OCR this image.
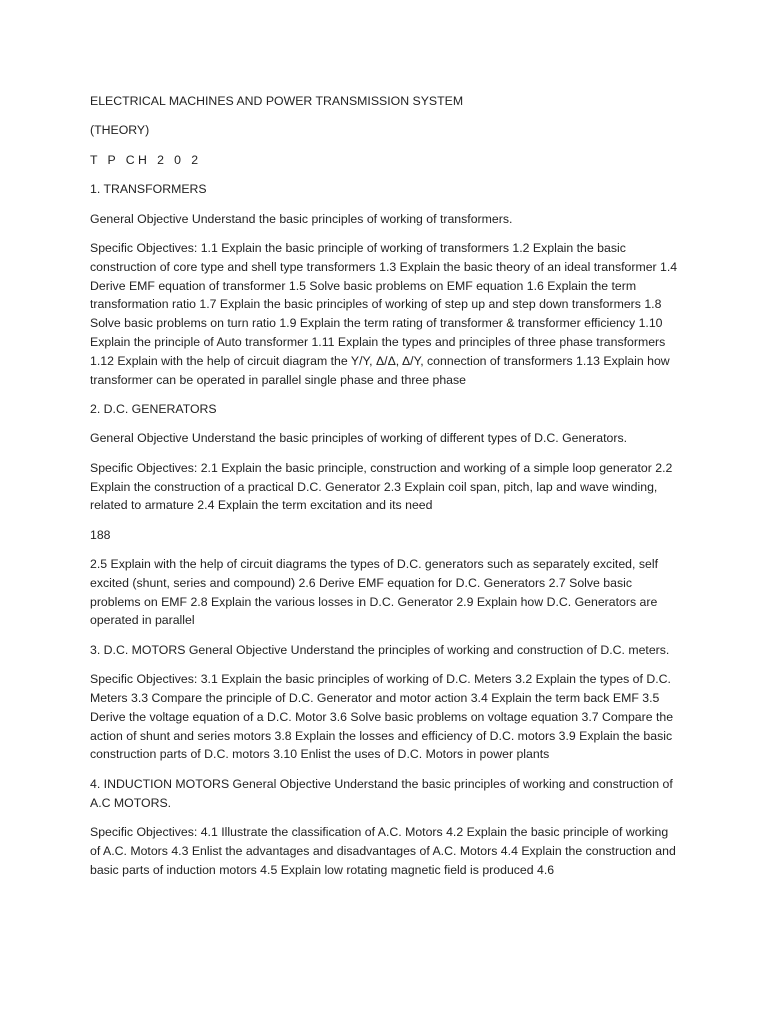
ELECTRICAL MACHINES AND POWER TRANSMISSION SYSTEM

(THEORY)

T P CH 2 0 2

1. TRANSFORMERS

General Objective Understand the basic principles of working of transformers.

Specific Objectives: 1.1 Explain the basic principle of working of transformers 1.2 Explain the basic construction of core type and shell type transformers 1.3 Explain the basic theory of an ideal transformer 1.4 Derive EMF equation of transformer 1.5 Solve basic problems on EMF equation 1.6 Explain the term transformation ratio 1.7 Explain the basic principles of working of step up and step down transformers 1.8 Solve basic problems on turn ratio 1.9 Explain the term rating of transformer & transformer efficiency 1.10 Explain the principle of Auto transformer 1.11 Explain the types and principles of three phase transformers 1.12 Explain with the help of circuit diagram the Y/Y, Δ/Δ, Δ/Y, connection of transformers 1.13 Explain how transformer can be operated in parallel single phase and three phase

2. D.C. GENERATORS

General Objective Understand the basic principles of working of different types of D.C. Generators.

Specific Objectives: 2.1 Explain the basic principle, construction and working of a simple loop generator 2.2 Explain the construction of a practical D.C. Generator 2.3 Explain coil span, pitch, lap and wave winding, related to armature 2.4 Explain the term excitation and its need

188

2.5 Explain with the help of circuit diagrams the types of D.C. generators such as separately excited, self excited (shunt, series and compound) 2.6 Derive EMF equation for D.C. Generators 2.7 Solve basic problems on EMF 2.8 Explain the various losses in D.C. Generator 2.9 Explain how D.C. Generators are operated in parallel

3. D.C. MOTORS General Objective Understand the principles of working and construction of D.C. meters.

Specific Objectives: 3.1 Explain the basic principles of working of D.C. Meters 3.2 Explain the types of D.C. Meters 3.3 Compare the principle of D.C. Generator and motor action 3.4 Explain the term back EMF 3.5 Derive the voltage equation of a D.C. Motor 3.6 Solve basic problems on voltage equation 3.7 Compare the action of shunt and series motors 3.8 Explain the losses and efficiency of D.C. motors 3.9 Explain the basic construction parts of D.C. motors 3.10 Enlist the uses of D.C. Motors in power plants

4. INDUCTION MOTORS General Objective Understand the basic principles of working and construction of A.C MOTORS.

Specific Objectives: 4.1 Illustrate the classification of A.C. Motors 4.2 Explain the basic principle of working of A.C. Motors 4.3 Enlist the advantages and disadvantages of A.C. Motors 4.4 Explain the construction and basic parts of induction motors 4.5 Explain low rotating magnetic field is produced 4.6
